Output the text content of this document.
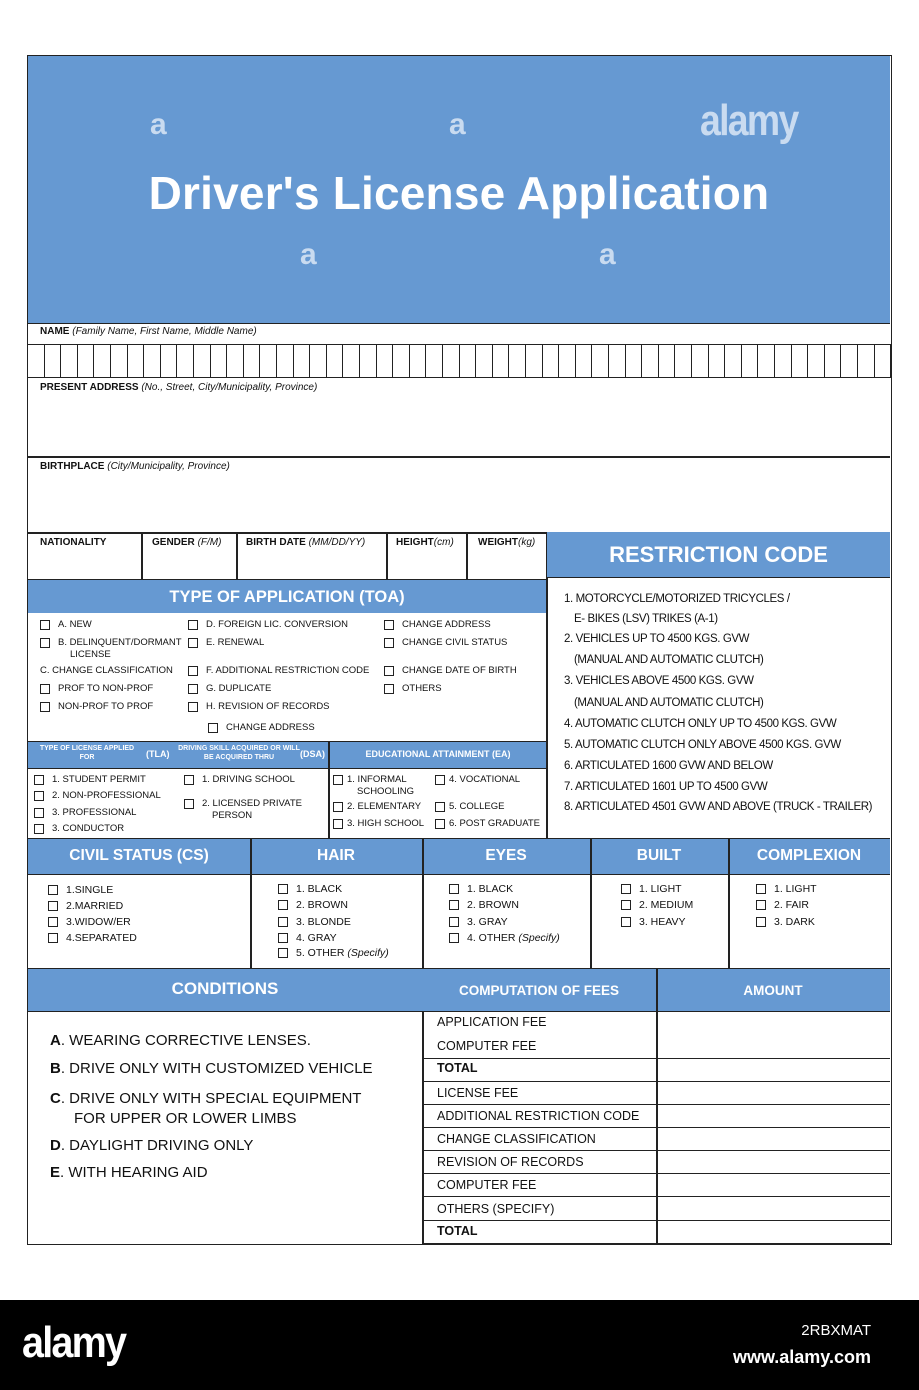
a	a	alamy
Driver's License Application
a	a
NAME (Family Name, First Name, Middle Name)
PRESENT ADDRESS (No., Street, City/Municipality, Province)
BIRTHPLACE (City/Municipality, Province)
NATIONALITY	GENDER (F/M) BIRTH DATE (MM/DD/YY)	HEIGHT(cm) WEIGHT(kg)	RESTRICTION CODE
1. MOTORCYCLE/MOTORIZED TRICYCLES /
E- BIKES (LSV) TRIKES (A-1)
2. VEHICLES UP TO 4500 KGS. GVW
(MANUAL AND AUTOMATIC CLUTCH)
3. VEHICLES ABOVE 4500 KGS. GVW
(MANUAL AND AUTOMATIC CLUTCH)
4. AUTOMATIC CLUTCH ONLY UP TO 4500 KGS. GVW
5. AUTOMATIC CLUTCH ONLY ABOVE 4500 KGS. GVW
6. ARTICULATED 1600 GVW AND BELOW
7. ARTICULATED 1601 UP TO 4500 GVW
8. ARTICULATED 4501 GVW AND ABOVE (TRUCK - TRAILER)
TYPE OF APPLICATION (TOA)
A. NEW
B. DELINQUENT/DORMANT
LICENSE
C. CHANGE CLASSIFICATION
PROF TO NON-PROF
NON-PROF TO PROF
D. FOREIGN LIC. CONVERSION
E. RENEWAL
F. ADDITIONAL RESTRICTION CODE
G. DUPLICATE
H. REVISION OF RECORDS
CHANGE ADDRESS
CHANGE ADDRESS
CHANGE CIVIL STATUS
CHANGE DATE OF BIRTH
OTHERS
TYPE OF LICENSE APPLIED FOR	(TLA)
DRIVING SKILL ACQUIRED OR WILL BE ACQUIRED THRU	(DSA)	EDUCATIONAL ATTAINMENT (EA)
1. STUDENT PERMIT
2. NON-PROFESSIONAL
3. PROFESSIONAL
3. CONDUCTOR
1. DRIVING SCHOOL
2. LICENSED PRIVATE
PERSON
1. INFORMAL
SCHOOLING
2. ELEMENTARY
3. HIGH SCHOOL
4. VOCATIONAL
5. COLLEGE
6. POST GRADUATE
CIVIL STATUS (CS)	HAIR	EYES	BUILT	COMPLEXION
1.SINGLE
2.MARRIED
3.WIDOW/ER
4.SEPARATED
1. BLACK
2. BROWN
3. BLONDE
4. GRAY
5. OTHER
(Specify)
1. BLACK
2. BROWN
3. GRAY
4. OTHER
(Specify)
1. LIGHT
2. MEDIUM
3. HEAVY
1. LIGHT
2. FAIR
3. DARK
CONDITIONS	COMPUTATION OF FEES	AMOUNT
A. WEARING CORRECTIVE LENSES.
B. DRIVE ONLY WITH CUSTOMIZED VEHICLE
C. DRIVE ONLY WITH SPECIAL EQUIPMENT
FOR UPPER OR LOWER LIMBS
D. DAYLIGHT DRIVING ONLY
E. WITH HEARING AID
APPLICATION FEE
COMPUTER FEE
TOTAL
LICENSE FEE
ADDITIONAL RESTRICTION CODE
CHANGE CLASSIFICATION
REVISION OF RECORDS
COMPUTER FEE
OTHERS (SPECIFY)
TOTAL
alamy	2RBXMAT
www.alamy.com
